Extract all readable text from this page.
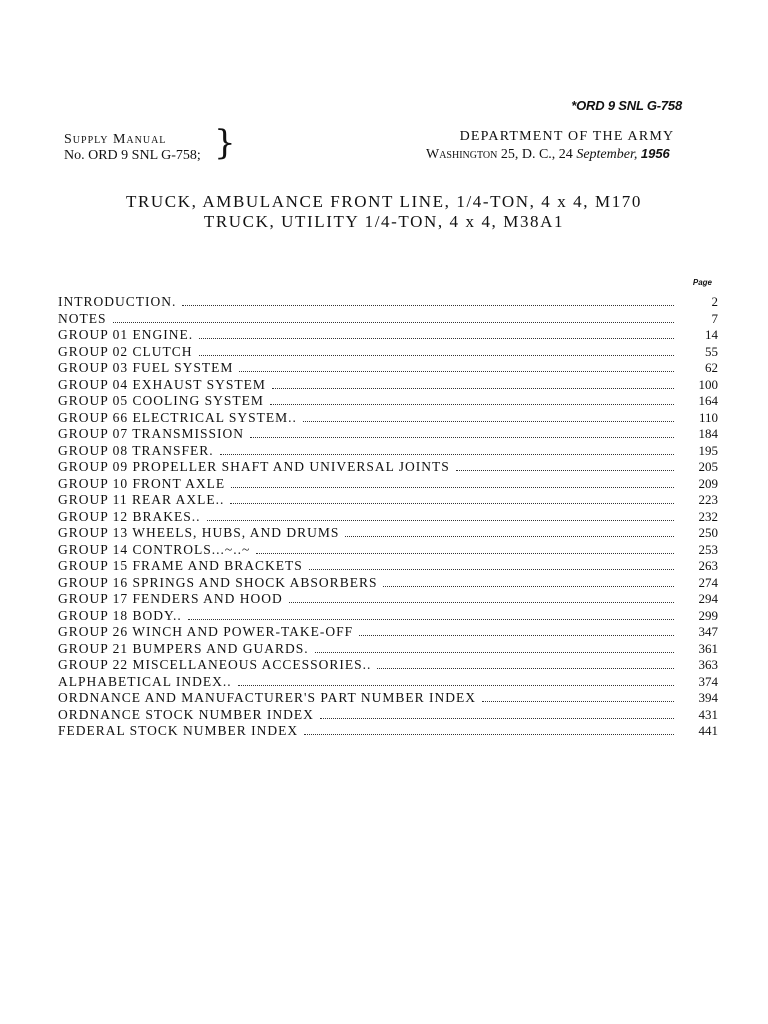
*ORD 9 SNL G-758
Supply Manual
No. ORD 9 SNL G-758; }	DEPARTMENT OF THE ARMY
Washington 25, D. C., 24 September, 1956
TRUCK, AMBULANCE FRONT LINE, 1/4-TON, 4 x 4, M170
TRUCK, UTILITY 1/4-TON, 4 x 4, M38A1
Page
INTRODUCTION.	2
NOTES	7
GROUP 01 ENGINE.	14
GROUP 02 CLUTCH	55
GROUP 03 FUEL SYSTEM	62
GROUP 04 EXHAUST SYSTEM	100
GROUP 05 COOLING SYSTEM	164
GROUP 66 ELECTRICAL SYSTEM..	110
GROUP 07 TRANSMISSION	184
GROUP 08 TRANSFER.	195
GROUP 09 PROPELLER SHAFT AND UNIVERSAL JOINTS	205
GROUP 10 FRONT AXLE	209
GROUP 11 REAR AXLE..	223
GROUP 12 BRAKES..	232
GROUP 13 WHEELS, HUBS, AND DRUMS	250
GROUP 14 CONTROLS...~..~	253
GROUP 15 FRAME AND BRACKETS	263
GROUP 16 SPRINGS AND SHOCK ABSORBERS	274
GROUP 17 FENDERS AND HOOD	294
GROUP 18 BODY..	299
GROUP 26 WINCH AND POWER-TAKE-OFF	347
GROUP 21 BUMPERS AND GUARDS.	361
GROUP 22 MISCELLANEOUS ACCESSORIES..	363
ALPHABETICAL INDEX..	374
ORDNANCE AND MANUFACTURER'S PART NUMBER INDEX	394
ORDNANCE STOCK NUMBER INDEX	431
FEDERAL STOCK NUMBER INDEX	441
